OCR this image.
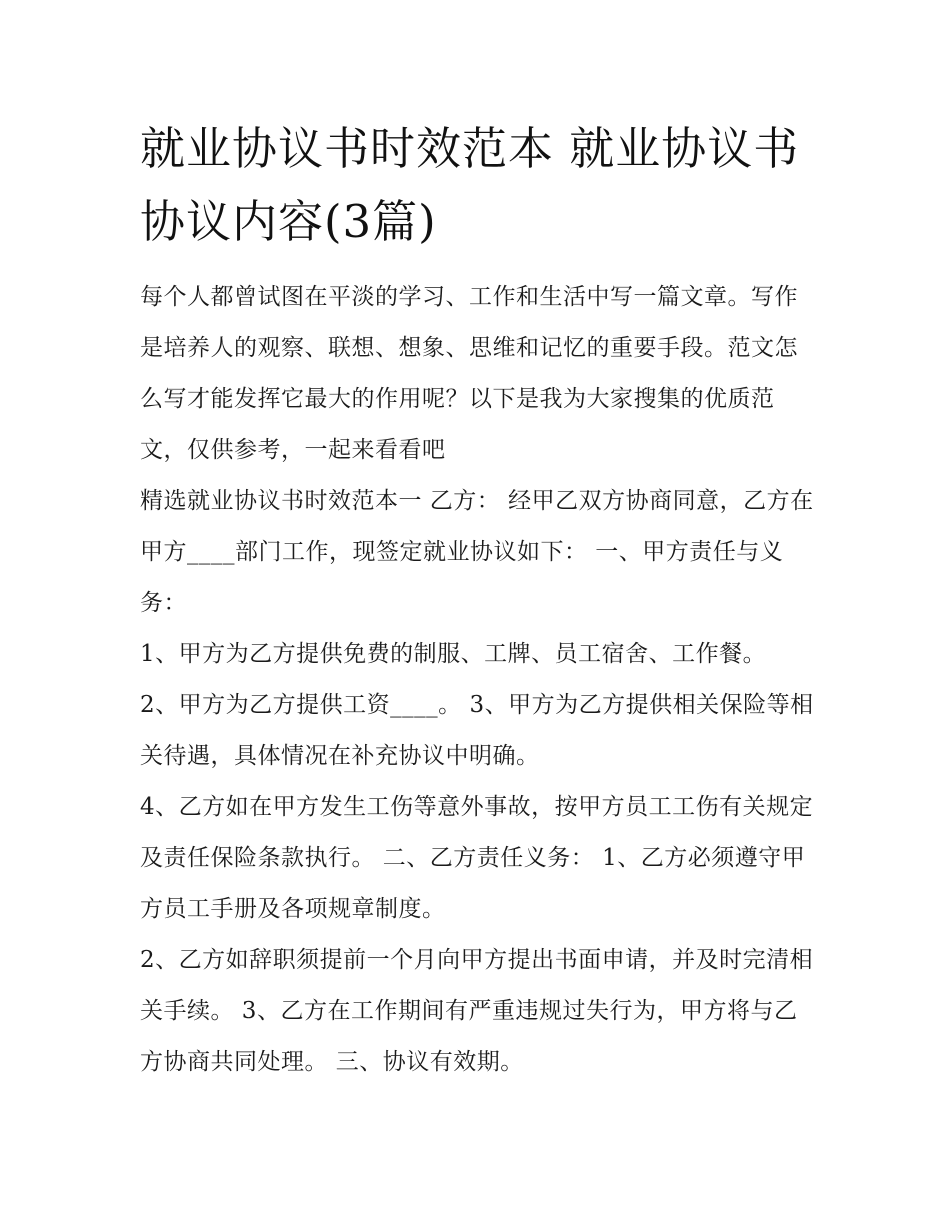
就业协议书时效范本 就业协议书协议内容(3篇)

每个人都曾试图在平淡的学习、工作和生活中写一篇文章。写作是培养人的观察、联想、想象、思维和记忆的重要手段。范文怎么写才能发挥它最大的作用呢？以下是我为大家搜集的优质范文，仅供参考，一起来看看吧

精选就业协议书时效范本一 乙方： 经甲乙双方协商同意，乙方在甲方____部门工作，现签定就业协议如下： 一、甲方责任与义务：

1、甲方为乙方提供免费的制服、工牌、员工宿舍、工作餐。

2、甲方为乙方提供工资____。 3、甲方为乙方提供相关保险等相关待遇，具体情况在补充协议中明确。

4、乙方如在甲方发生工伤等意外事故，按甲方员工工伤有关规定及责任保险条款执行。 二、乙方责任义务： 1、乙方必须遵守甲方员工手册及各项规章制度。

2、乙方如辞职须提前一个月向甲方提出书面申请，并及时完清相关手续。 3、乙方在工作期间有严重违规过失行为，甲方将与乙方协商共同处理。 三、协议有效期。
